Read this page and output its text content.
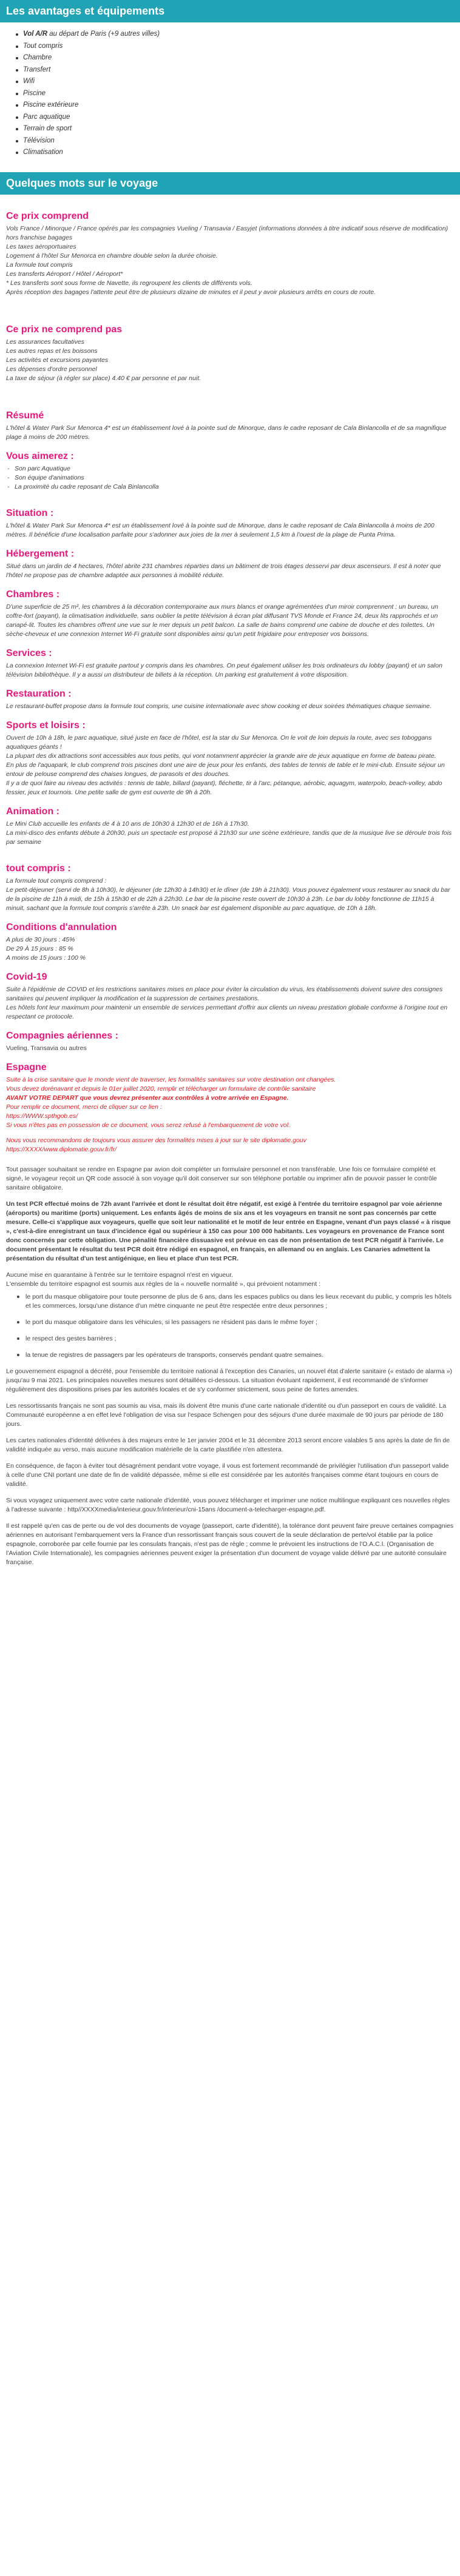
Les avantages et équipements
Vol A/R au départ de Paris (+9 autres villes)
Tout compris
Chambre
Transfert
Wifi
Piscine
Piscine extérieure
Parc aquatique
Terrain de sport
Télévision
Climatisation
Quelques mots sur le voyage
Ce prix comprend

Vols France / Minorque / France opérés par les compagnies Vueling / Transavia / Easyjet (informations données à titre indicatif sous réserve de modification) hors franchise bagages

Les taxes aéroportuaires

Logement à l'hôtel Sur Menorca en chambre double selon la durée choisie.

La formule tout compris

Les transferts Aéroport / Hôtel / Aéroport*

* Les transferts sont sous forme de Navette, ils regroupent les clients de différents vols.

Après réception des bagages l'attente peut être de plusieurs dizaine de minutes et il peut y avoir plusieurs arrêts en cours de route.

Ce prix ne comprend pas

Les assurances facultatives

Les autres repas et les boissons

Les activités et excursions payantes

Les dépenses d'ordre personnel

La taxe de séjour (à régler sur place) 4.40 € par personne et par nuit.

Résumé

L'hôtel & Water Park Sur Menorca 4* est un établissement lové à la pointe sud de Minorque, dans le cadre reposant de Cala Binlancolla et de sa magnifique plage à moins de 200 mètres.

Vous aimerez :
- Son parc Aquatique
- Son équipe d'animations
- La proximité du cadre reposant de Cala Binlancolla
Situation :

L'hôtel & Water Park Sur Menorca 4* est un établissement lové à la pointe sud de Minorque, dans le cadre reposant de Cala Binlancolla à moins de 200 mètres. Il bénéficie d'une localisation parfaite pour s'adonner aux joies de la mer à seulement 1,5 km à l'ouest de la plage de Punta Prima.

Hébergement :

Situé dans un jardin de 4 hectares, l'hôtel abrite 231 chambres réparties dans un bâtiment de trois étages desservi par deux ascenseurs. Il est à noter que l'hôtel ne propose pas de chambre adaptée aux personnes à mobilité réduite.

Chambres :

D'une superficie de 25 m², les chambres à la décoration contemporaine aux murs blancs et orange agrémentées d'un miroir comprennent : un bureau, un coffre-fort (payant), la climatisation individuelle, sans oublier la petite télévision à écran plat diffusant TVS Monde et France 24, deux lits rapprochés et un canapé-lit. Toutes les chambres offrent une vue sur le mer depuis un petit balcon. La salle de bains comprend une cabine de douche et des toilettes. Un sèche-cheveux et une connexion Internet Wi-Fi gratuite sont disponibles ainsi qu'un petit frigidaire pour entreposer vos boissons.

Services :

La connexion Internet Wi-Fi est gratuite partout y compris dans les chambres. On peut également utiliser les trois ordinateurs du lobby (payant) et un salon télévision bibliothèque. Il y a aussi un distributeur de billets à la réception. Un parking est gratuitement à votre disposition.

Restauration :

Le restaurant-buffet propose dans la formule tout compris, une cuisine internationale avec show cooking et deux soirées thématiques chaque semaine.

Sports et loisirs :

Ouvert de 10h à 18h, le parc aquatique, situé juste en face de l'hôtel, est la star du Sur Menorca. On le voit de loin depuis la route, avec ses toboggans aquatiques géants !

La plupart des dix attractions sont accessibles aux tous petits, qui vont notamment apprécier la grande aire de jeux aquatique en forme de bateau pirate.

En plus de l'aquapark, le club comprend trois piscines dont une aire de jeux pour les enfants, des tables de tennis de table et le mini-club. Ensuite séjour un entour de pelouse comprend des chaises longues, de parasols et des douches.

Il y a de quoi faire au niveau des activités : tennis de table, billard (payant), fléchette, tir à l'arc, pétanque, aérobic, aquagym, waterpolo, beach-volley, abdo fessier, jeux et tournois. Une petite salle de gym est ouverte de 9h à 20h.

Animation :

Le Mini Club accueille les enfants de 4 à 10 ans de 10h30 à 12h30 et de 16h à 17h30.

La mini-disco des enfants débute à 20h30, puis un spectacle est proposé à 21h30 sur une scène extérieure, tandis que de la musique live se déroule trois fois par semaine

tout compris :

La formule tout compris comprend :

Le petit-déjeuner (servi de 8h à 10h30), le déjeuner (de 12h30 à 14h30) et le dîner (de 19h à 21h30). Vous pouvez également vous restaurer au snack du bar de la piscine de 11h à midi, de 15h à 15h30 et de 22h à 22h30. Le bar de la piscine reste ouvert de 10h30 à 23h. Le bar du lobby fonctionne de 11h15 à minuit, sachant que la formule tout compris s'arrête à 23h. Un snack bar est également disponible au parc aquatique, de 10h à 18h.

Conditions d'annulation

A plus de 30 jours : 45%

De 29 À 15 jours : 85 %

A moins de 15 jours : 100 %

Covid-19

Suite à l'épidémie de COVID et les restrictions sanitaires mises en place pour éviter la circulation du virus, les établissements doivent suivre des consignes sanitaires qui peuvent impliquer la modification et la suppression de certaines prestations.

Les hôtels font leur maximum pour maintenir un ensemble de services permettant d'offrir aux clients un niveau prestation globale conforme à l'origine tout en respectant ce protocole.

Compagnies aériennes :

Vueling, Transavia ou autres

Espagne

Suite à la crise sanitaire que le monde vient de traverser, les formalités sanitaires sur votre destination ont changées.

Vous devez dorénavant et depuis le 01er juillet 2020, remplir et télécharger un formulaire de contrôle sanitaire

AVANT VOTRE DEPART que vous devrez présenter aux contrôles à votre arrivée en Espagne.

Pour remplir ce document, merci de cliquer sur ce lien :

https://WWW.spthgob.es/

Si vous n'êtes pas en possession de ce document, vous serez refusé à l'embarquement de votre vol.

Nous vous recommandons de toujours vous assurer des formalités mises à jour sur le site diplomatie.gouv

https://XXXX/www.diplomatie.gouv.fr/fr/

Tout passager souhaitant se rendre en Espagne par avion doit compléter un formulaire personnel et non transférable. Une fois ce formulaire complété et signé, le voyageur reçoit un QR code associé à son voyage qu'il doit conserver sur son téléphone portable ou imprimer afin de pouvoir passer le contrôle sanitaire obligatoire.

Un test PCR effectué moins de 72h avant l'arrivée et dont le résultat doit être négatif, est exigé à l'entrée du territoire espagnol par voie aérienne (aéroports) ou maritime (ports) uniquement. Les enfants âgés de moins de six ans et les voyageurs en transit ne sont pas concernés par cette mesure. Celle-ci s'applique aux voyageurs, quelle que soit leur nationalité et le motif de leur entrée en Espagne, venant d'un pays classé « à risque », c'est-à-dire enregistrant un taux d'incidence égal ou supérieur à 150 cas pour 100 000 habitants. Les voyageurs en provenance de France sont donc concernés par cette obligation. Une pénalité financière dissuasive est prévue en cas de non présentation de test PCR négatif à l'arrivée. Le document présentant le résultat du test PCR doit être rédigé en espagnol, en français, en allemand ou en anglais. Les Canaries admettent la présentation du résultat d'un test antigénique, en lieu et place d'un test PCR.

Aucune mise en quarantaine à l'entrée sur le territoire espagnol n'est en vigueur.

L'ensemble du territoire espagnol est soumis aux règles de la « nouvelle normalité », qui prévoient notamment :

le port du masque obligatoire pour toute personne de plus de 6 ans, dans les espaces publics ou dans les lieux recevant du public, y compris les hôtels et les commerces, lorsqu'une distance d'un mètre cinquante ne peut être respectée entre deux personnes ;
le port du masque obligatoire dans les véhicules, si les passagers ne résident pas dans le même foyer ;
le respect des gestes barrières ;
la tenue de registres de passagers par les opérateurs de transports, conservés pendant quatre semaines.

Le gouvernement espagnol a décrété, pour l'ensemble du territoire national à l'exception des Canaries, un nouvel état d'alerte sanitaire (« estado de alarma ») jusqu'au 9 mai 2021. Les principales nouvelles mesures sont détaillées ci-dessous. La situation évoluant rapidement, il est recommandé de s'informer régulièrement des dispositions prises par les autorités locales et de s'y conformer strictement, sous peine de fortes amendes.

Les ressortissants français ne sont pas soumis au visa, mais ils doivent être munis d'une carte nationale d'identité ou d'un passeport en cours de validité. La Communauté européenne a en effet levé l'obligation de visa sur l'espace Schengen pour des séjours d'une durée maximale de 90 jours par période de 180 jours.

Les cartes nationales d'identité délivrées à des majeurs entre le 1er janvier 2004 et le 31 décembre 2013 seront encore valables 5 ans après la date de fin de validité indiquée au verso, mais aucune modification matérielle de la carte plastifiée n'en attestera.

En conséquence, de façon à éviter tout désagrément pendant votre voyage, il vous est fortement recommandé de privilégier l'utilisation d'un passeport valide à celle d'une CNI portant une date de fin de validité dépassée, même si elle est considérée par les autorités françaises comme étant toujours en cours de validité.

Si vous voyagez uniquement avec votre carte nationale d'identité, vous pouvez télécharger et imprimer une notice multilingue expliquant ces nouvelles règles à l'adresse suivante : http//XXXXmedia/interieur.gouv.fr/interieur/cni-15ans /document-a-telecharger-espagne.pdf.

Il est rappelé qu'en cas de perte ou de vol des documents de voyage (passeport, carte d'identité), la tolérance dont peuvent faire preuve certaines compagnies aériennes en autorisant l'embarquement vers la France d'un ressortissant français sous couvert de la seule déclaration de perte/vol établie par la police espagnole, corroborée par celle fournie par les consulats français, n'est pas de règle ; comme le prévoient les instructions de l'O.A.C.I. (Organisation de l'Aviation Civile Internationale), les compagnies aériennes peuvent exiger la présentation d'un document de voyage valide délivré par une autorité consulaire française.
